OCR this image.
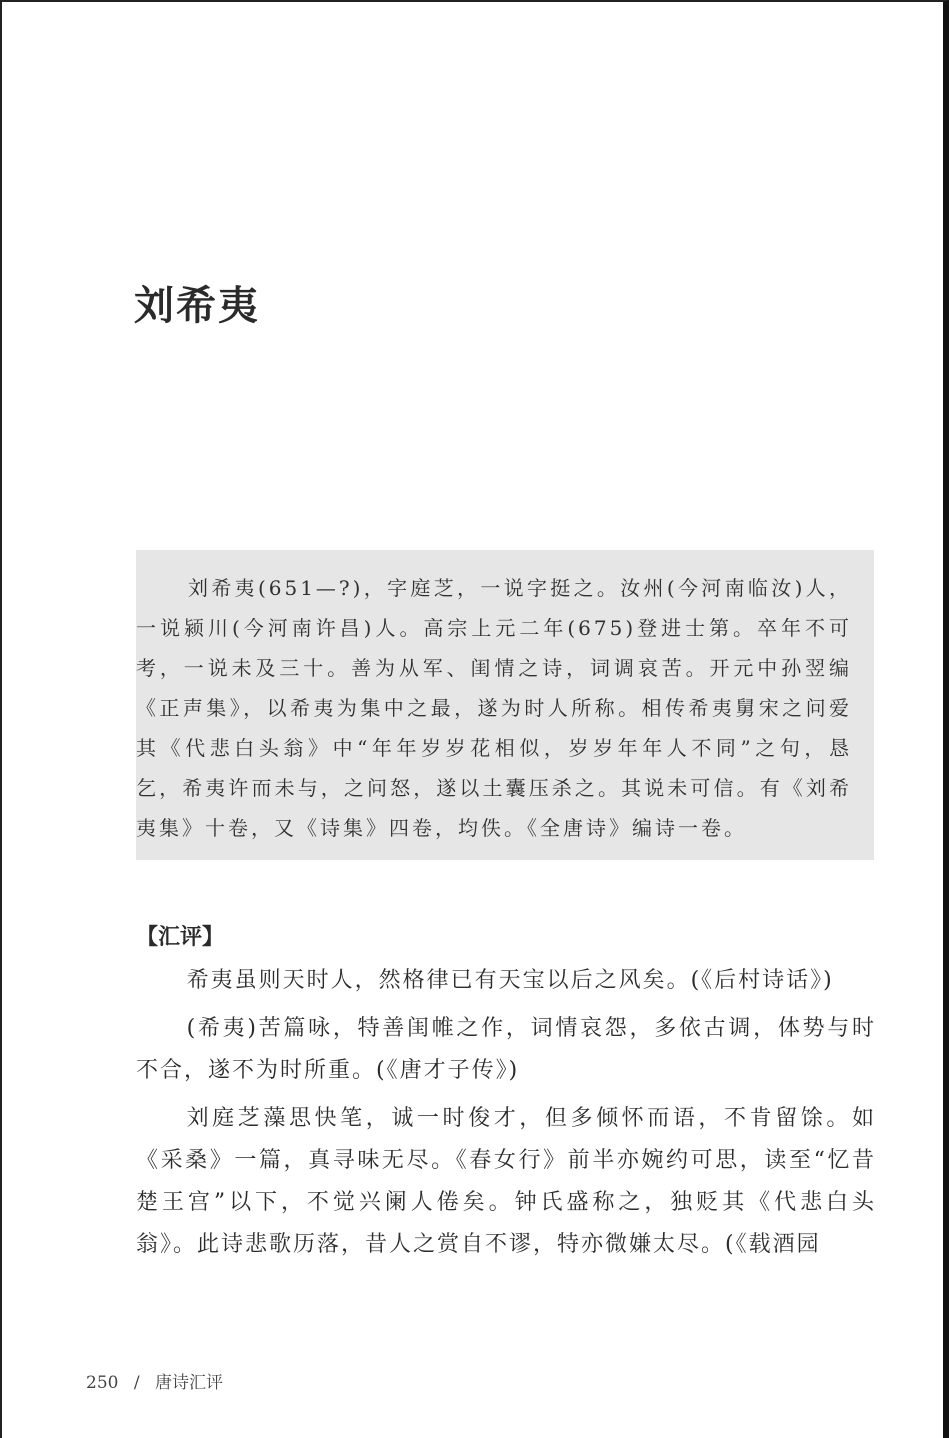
刘希夷

刘希夷(651—?)，字庭芝，一说字挺之。汝州(今河南临汝)人，一说颍川(今河南许昌)人。高宗上元二年(675)登进士第。卒年不可考，一说未及三十。善为从军、闺情之诗，词调哀苦。开元中孙翌编《正声集》，以希夷为集中之最，遂为时人所称。相传希夷舅宋之问爱其《代悲白头翁》中“年年岁岁花相似，岁岁年年人不同”之句，恳乞，希夷许而未与，之问怒，遂以土囊压杀之。其说未可信。有《刘希夷集》十卷，又《诗集》四卷，均佚。《全唐诗》编诗一卷。

【汇评】

希夷虽则天时人，然格律已有天宝以后之风矣。(《后村诗话》)

(希夷)苦篇咏，特善闺帷之作，词情哀怨，多依古调，体势与时不合，遂不为时所重。(《唐才子传》)

刘庭芝藻思快笔，诚一时俊才，但多倾怀而语，不肯留馀。如《采桑》一篇，真寻味无尽。《春女行》前半亦婉约可思，读至“忆昔楚王宫”以下，不觉兴阑人倦矣。钟氏盛称之，独贬其《代悲白头翁》。此诗悲歌历落，昔人之赏自不谬，特亦微嫌太尽。(《载酒园

250 / 唐诗汇评
